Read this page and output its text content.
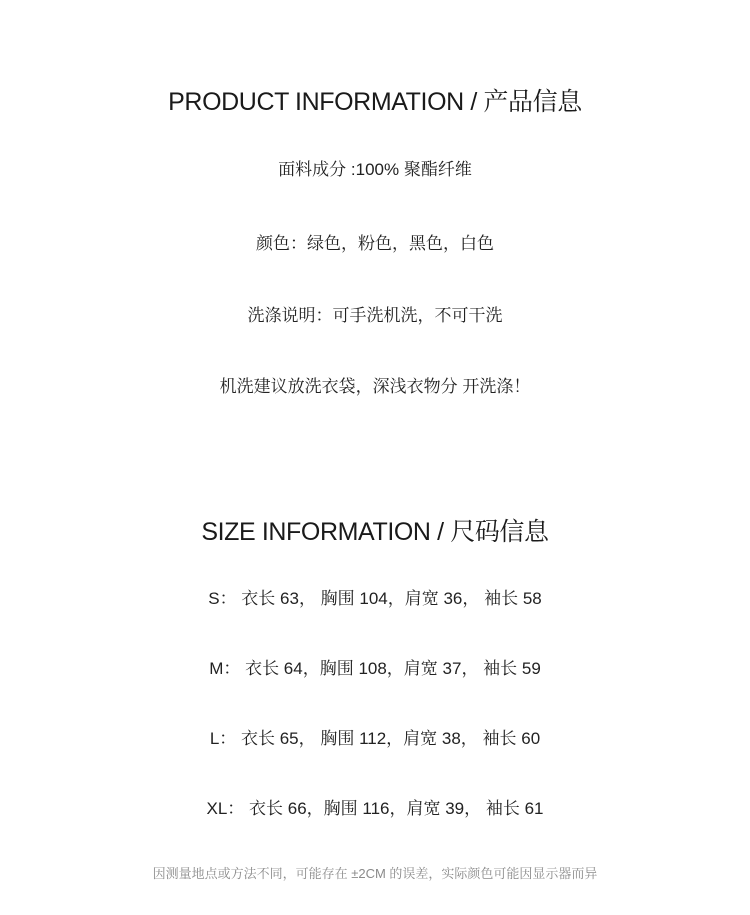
PRODUCT INFORMATION / 产品信息
面料成分 :100% 聚酯纤维
颜色：绿色，粉色，黑色，白色
洗涤说明：可手洗机洗，不可干洗
机洗建议放洗衣袋，深浅衣物分 开洗涤！
SIZE INFORMATION / 尺码信息
S： 衣长 63， 胸围 104，肩宽 36， 袖长 58
M： 衣长 64，胸围 108，肩宽 37， 袖长 59
L： 衣长 65， 胸围 112，肩宽 38， 袖长 60
XL： 衣长 66，胸围 116，肩宽 39， 袖长 61
因测量地点或方法不同，可能存在 ±2CM 的误差，实际颜色可能因显示器而异
